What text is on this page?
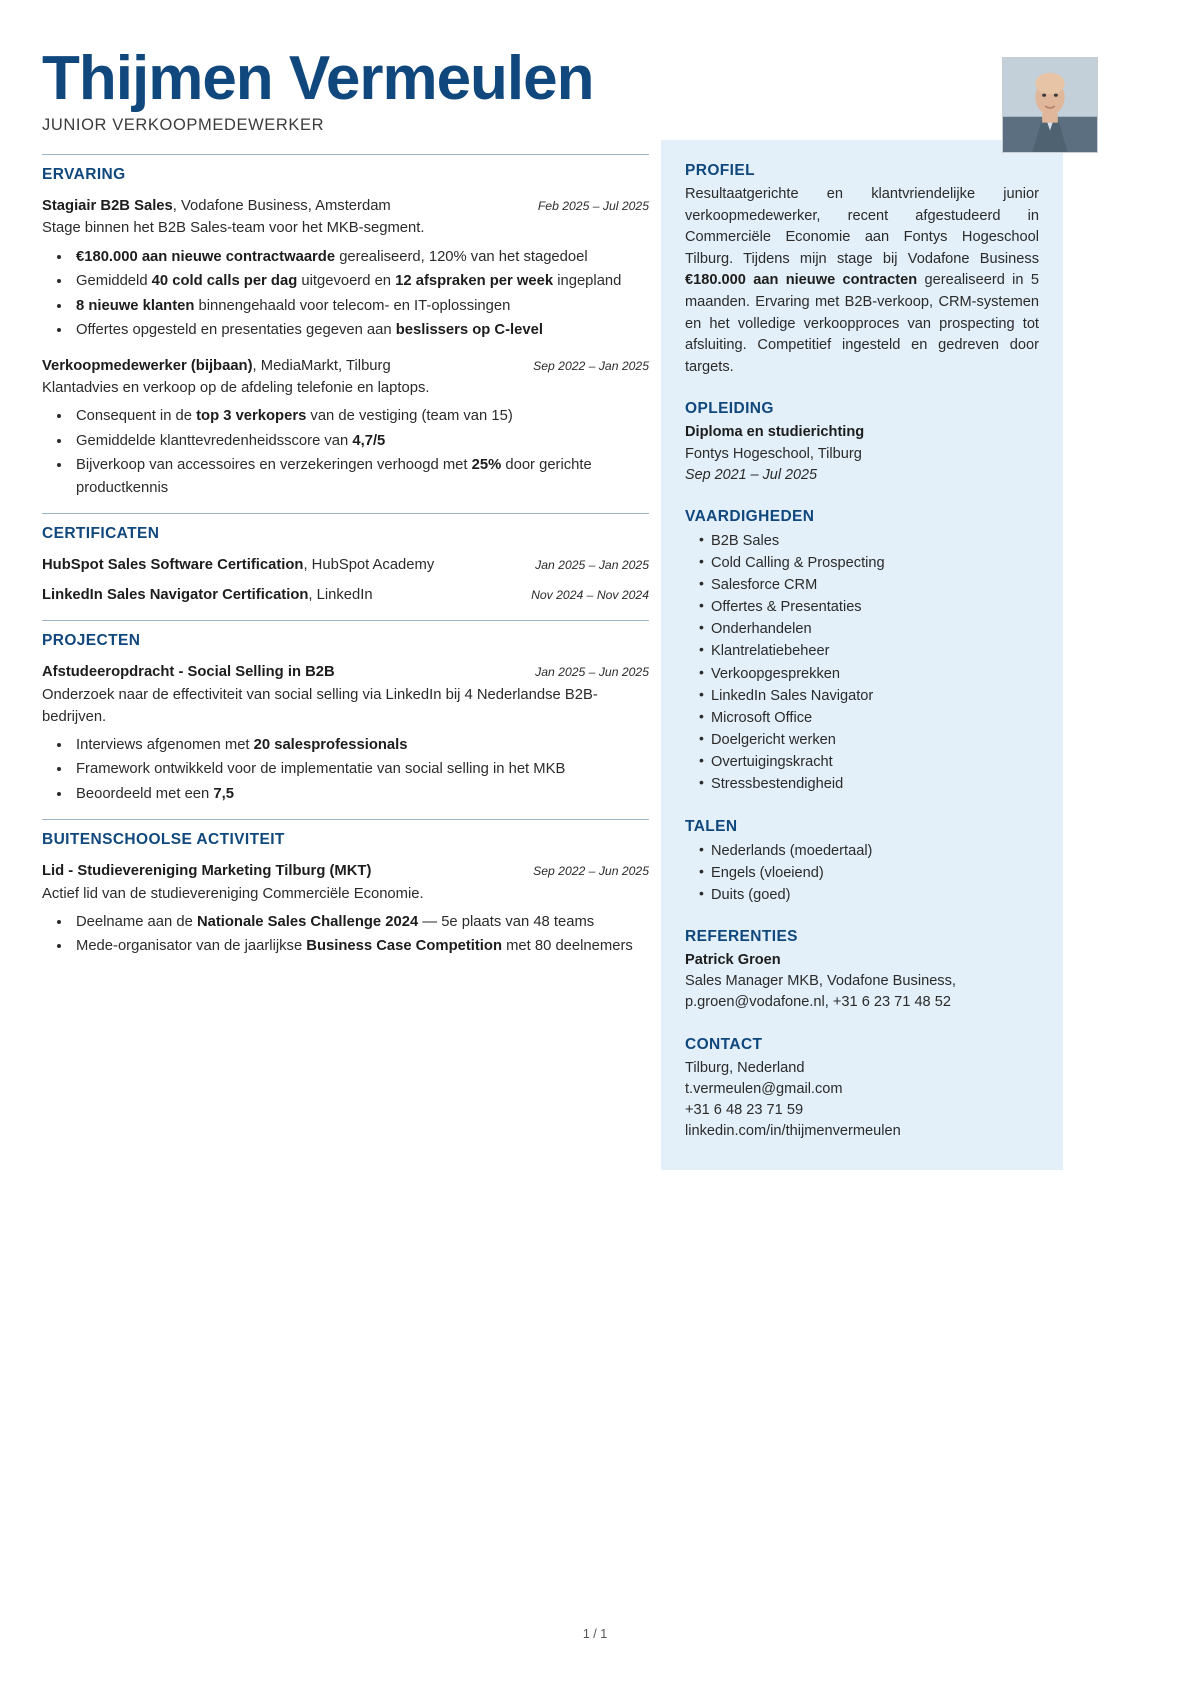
Thijmen Vermeulen
JUNIOR VERKOOPMEDEWERKER
ERVARING
Stagiair B2B Sales, Vodafone Business, Amsterdam	Feb 2025 – Jul 2025
Stage binnen het B2B Sales-team voor het MKB-segment.
• €180.000 aan nieuwe contractwaarde gerealiseerd, 120% van het stagedoel
• Gemiddeld 40 cold calls per dag uitgevoerd en 12 afspraken per week ingepland
• 8 nieuwe klanten binnengehaald voor telecom- en IT-oplossingen
• Offertes opgesteld en presentaties gegeven aan beslissers op C-level
Verkoopmedewerker (bijbaan), MediaMarkt, Tilburg	Sep 2022 – Jan 2025
Klantadvies en verkoop op de afdeling telefonie en laptops.
• Consequent in de top 3 verkopers van de vestiging (team van 15)
• Gemiddelde klanttevredenheidsscore van 4,7/5
• Bijverkoop van accessoires en verzekeringen verhoogd met 25% door gerichte productkennis
CERTIFICATEN
HubSpot Sales Software Certification, HubSpot Academy	Jan 2025 – Jan 2025
LinkedIn Sales Navigator Certification, LinkedIn	Nov 2024 – Nov 2024
PROJECTEN
Afstudeeropdracht - Social Selling in B2B	Jan 2025 – Jun 2025
Onderzoek naar de effectiviteit van social selling via LinkedIn bij 4 Nederlandse B2B-bedrijven.
• Interviews afgenomen met 20 salesprofessionals
• Framework ontwikkeld voor de implementatie van social selling in het MKB
• Beoordeeld met een 7,5
BUITENSCHOOLSE ACTIVITEIT
Lid - Studievereniging Marketing Tilburg (MKT)	Sep 2022 – Jun 2025
Actief lid van de studievereniging Commerciële Economie.
• Deelname aan de Nationale Sales Challenge 2024 — 5e plaats van 48 teams
• Mede-organisator van de jaarlijkse Business Case Competition met 80 deelnemers
PROFIEL
Resultaatgerichte en klantvriendelijke junior verkoopmedewerker, recent afgestudeerd in Commerciële Economie aan Fontys Hogeschool Tilburg. Tijdens mijn stage bij Vodafone Business €180.000 aan nieuwe contracten gerealiseerd in 5 maanden. Ervaring met B2B-verkoop, CRM-systemen en het volledige verkoopproces van prospecting tot afsluiting. Competitief ingesteld en gedreven door targets.
OPLEIDING
Diploma en studierichting
Fontys Hogeschool, Tilburg
Sep 2021 – Jul 2025
VAARDIGHEDEN
• B2B Sales
• Cold Calling & Prospecting
• Salesforce CRM
• Offertes & Presentaties
• Onderhandelen
• Klantrelatiebeheer
• Verkoopgesprekken
• LinkedIn Sales Navigator
• Microsoft Office
• Doelgericht werken
• Overtuigingskracht
• Stressbestendigheid
TALEN
• Nederlands (moedertaal)
• Engels (vloeiend)
• Duits (goed)
REFERENTIES
Patrick Groen
Sales Manager MKB, Vodafone Business, p.groen@vodafone.nl, +31 6 23 71 48 52
CONTACT
Tilburg, Nederland
t.vermeulen@gmail.com
+31 6 48 23 71 59
linkedin.com/in/thijmenvermeulen
1 / 1
